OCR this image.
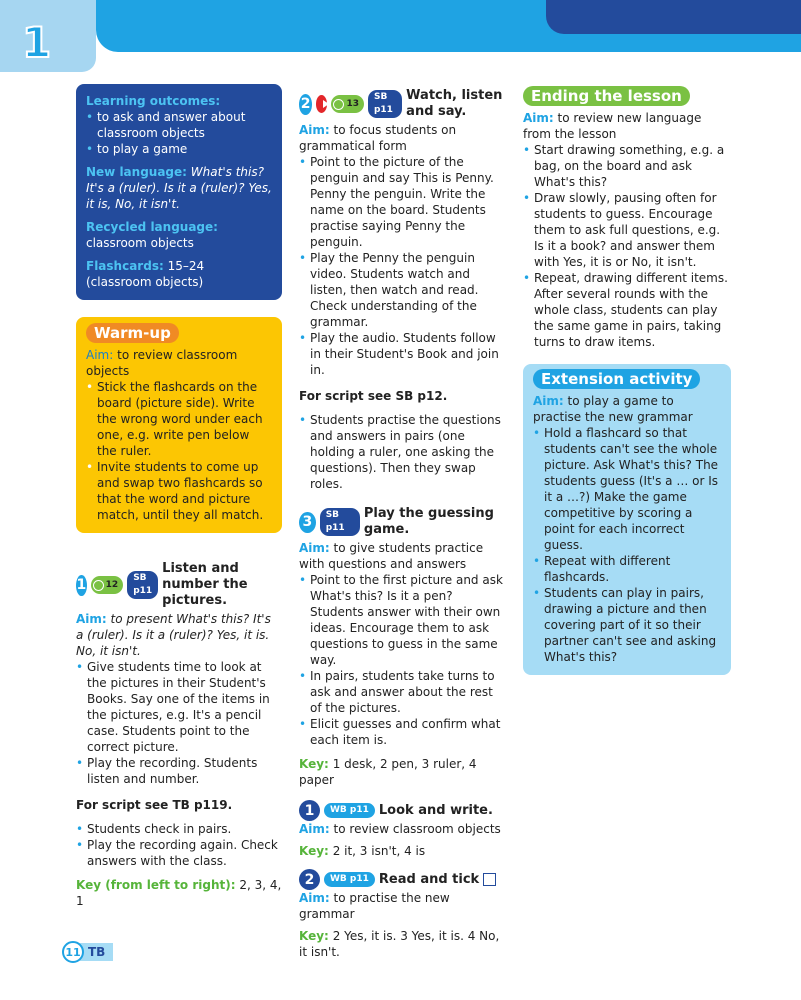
1
Learning outcomes:
• to ask and answer about classroom objects
• to play a game
New language: What's this? It's a (ruler). Is it a (ruler)? Yes, it is, No, it isn't.
Recycled language: classroom objects
Flashcards: 15–24 (classroom objects)
Warm-up
Aim: to review classroom objects
• Stick the flashcards on the board (picture side). Write the wrong word under each one, e.g. write pen below the ruler.
• Invite students to come up and swap two flashcards so that the word and picture match, until they all match.
1 12
SB p11
Listen and number the pictures.
Aim: to present What's this? It's a (ruler). Is it a (ruler)? Yes, it is. No, it isn't.
• Give students time to look at the pictures in their Student's Books. Say one of the items in the pictures, e.g. It's a pencil case. Students point to the correct picture.
• Play the recording. Students listen and number.
For script see TB p119.
• Students check in pairs.
• Play the recording again. Check answers with the class.
Key (from left to right): 2, 3, 4, 1
2	13
SB p11
Watch, listen and say.
Aim: to focus students on grammatical form
• Point to the picture of the penguin and say This is Penny. Penny the penguin. Write the name on the board. Students practise saying Penny the penguin.
• Play the Penny the penguin video. Students watch and listen, then watch and read. Check understanding of the grammar.
• Play the audio. Students follow in their Student's Book and join in.
For script see SB p12.
• Students practise the questions and answers in pairs (one holding a ruler, one asking the questions). Then they swap roles.
3	SB p11
Play the guessing game.
Aim: to give students practice with questions and answers
• Point to the first picture and ask What's this? Is it a pen? Students answer with their own ideas. Encourage them to ask questions to guess in the same way.
• In pairs, students take turns to ask and answer about the rest of the pictures.
• Elicit guesses and confirm what each item is.
Key: 1 desk, 2 pen, 3 ruler, 4 paper
1	WB p11 Look and write.
Aim: to review classroom objects
Key: 2 it, 3 isn't, 4 is
2	WB p11 Read and tick
Aim: to practise the new grammar
Key: 2 Yes, it is. 3 Yes, it is. 4 No, it isn't.
Ending the lesson
Aim: to review new language from the lesson
• Start drawing something, e.g. a bag, on the board and ask What's this?
• Draw slowly, pausing often for students to guess. Encourage them to ask full questions, e.g. Is it a book? and answer them with Yes, it is or No, it isn't.
• Repeat, drawing different items. After several rounds with the whole class, students can play the same game in pairs, taking turns to draw items.
Extension activity
Aim: to play a game to practise the new grammar
• Hold a flashcard so that students can't see the whole picture. Ask What's this? The students guess (It's a … or Is it a …?) Make the game competitive by scoring a point for each incorrect guess.
• Repeat with different flashcards.
• Students can play in pairs, drawing a picture and then covering part of it so their partner can't see and asking What's this?
11 TB
